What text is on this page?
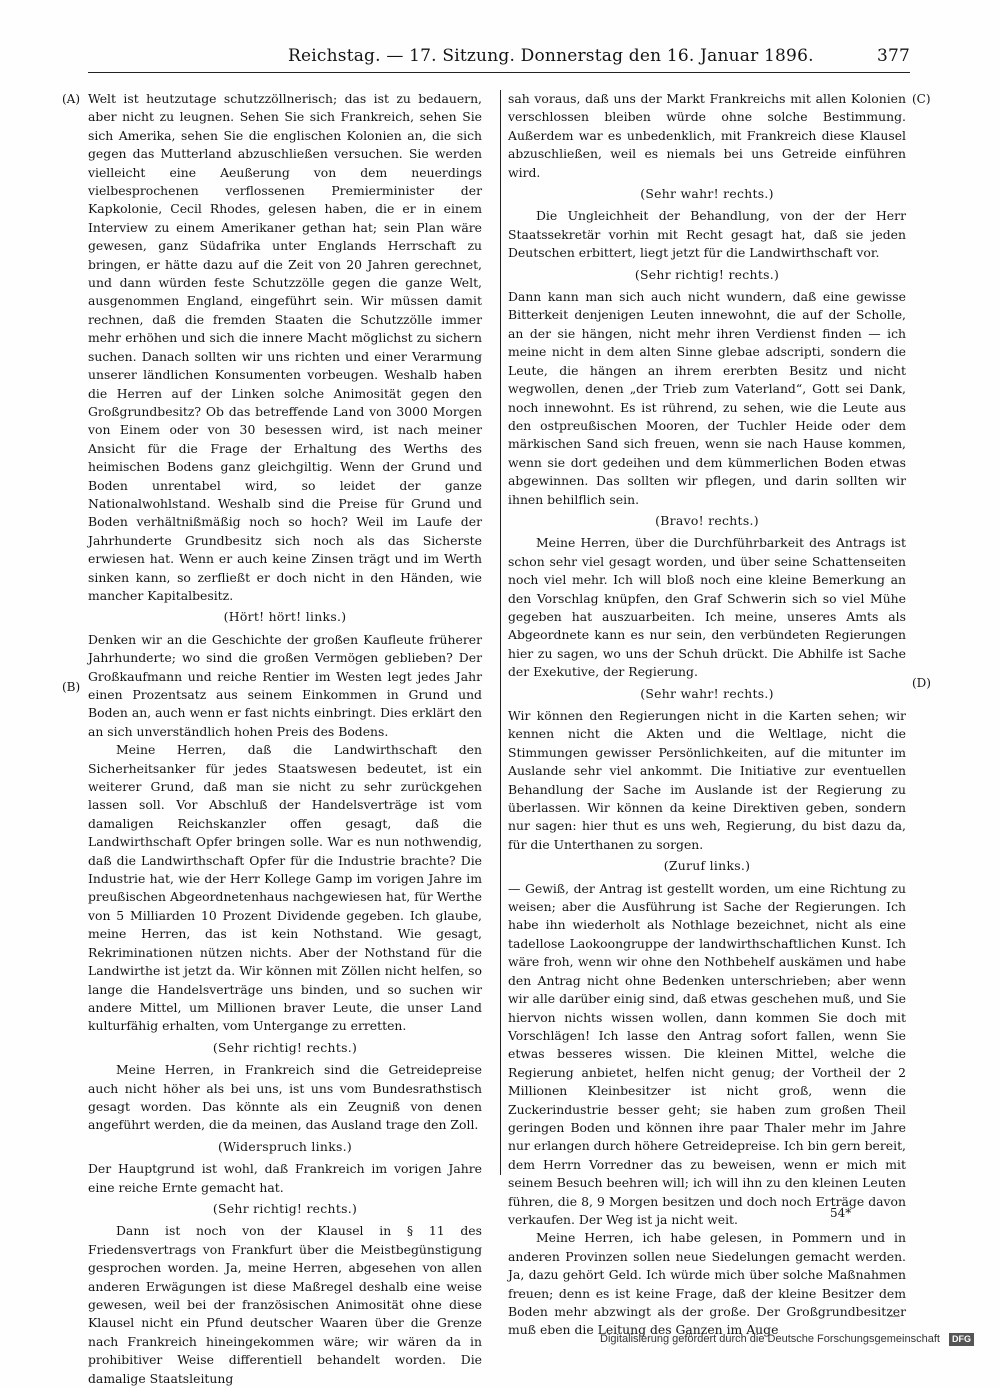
Reichstag. — 17. Sitzung. Donnerstag den 16. Januar 1896.	377
(A)
(B)
(C)
(D)

Welt ist heutzutage schutzzöllnerisch; das ist zu bedauern, aber nicht zu leugnen. Sehen Sie sich Frankreich, sehen Sie sich Amerika, sehen Sie die englischen Kolonien an, die sich gegen das Mutterland abzuschließen versuchen. Sie werden vielleicht eine Aeußerung von dem neuerdings vielbesprochenen verflossenen Premierminister der Kapkolonie, Cecil Rhodes, gelesen haben, die er in einem Interview zu einem Amerikaner gethan hat; sein Plan wäre gewesen, ganz Südafrika unter Englands Herrschaft zu bringen, er hätte dazu auf die Zeit von 20 Jahren gerechnet, und dann würden feste Schutzzölle gegen die ganze Welt, ausgenommen England, eingeführt sein. Wir müssen damit rechnen, daß die fremden Staaten die Schutzzölle immer mehr erhöhen und sich die innere Macht möglichst zu sichern suchen. Danach sollten wir uns richten und einer Verarmung unserer ländlichen Konsumenten vorbeugen. Weshalb haben die Herren auf der Linken solche Animosität gegen den Großgrundbesitz? Ob das betreffende Land von 3000 Morgen von Einem oder von 30 besessen wird, ist nach meiner Ansicht für die Frage der Erhaltung des Werths des heimischen Bodens ganz gleichgiltig. Wenn der Grund und Boden unrentabel wird, so leidet der ganze Nationalwohlstand. Weshalb sind die Preise für Grund und Boden verhältnißmäßig noch so hoch? Weil im Laufe der Jahrhunderte Grundbesitz sich noch als das Sicherste erwiesen hat. Wenn er auch keine Zinsen trägt und im Werth sinken kann, so zerfließt er doch nicht in den Händen, wie mancher Kapitalbesitz.

(Hört! hört! links.)

Denken wir an die Geschichte der großen Kaufleute früherer Jahrhunderte; wo sind die großen Vermögen geblieben? Der Großkaufmann und reiche Rentier im Westen legt jedes Jahr einen Prozentsatz aus seinem Einkommen in Grund und Boden an, auch wenn er fast nichts einbringt. Dies erklärt den an sich unverständlich hohen Preis des Bodens.

Meine Herren, daß die Landwirthschaft den Sicherheitsanker für jedes Staatswesen bedeutet, ist ein weiterer Grund, daß man sie nicht zu sehr zurückgehen lassen soll. Vor Abschluß der Handelsverträge ist vom damaligen Reichskanzler offen gesagt, daß die Landwirthschaft Opfer bringen solle. War es nun nothwendig, daß die Landwirthschaft Opfer für die Industrie brachte? Die Industrie hat, wie der Herr Kollege Gamp im vorigen Jahre im preußischen Abgeordnetenhaus nachgewiesen hat, für Werthe von 5 Milliarden 10 Prozent Dividende gegeben. Ich glaube, meine Herren, das ist kein Nothstand. Wie gesagt, Rekriminationen nützen nichts. Aber der Nothstand für die Landwirthe ist jetzt da. Wir können mit Zöllen nicht helfen, so lange die Handelsverträge uns binden, und so suchen wir andere Mittel, um Millionen braver Leute, die unser Land kulturfähig erhalten, vom Untergange zu erretten.

(Sehr richtig! rechts.)

Meine Herren, in Frankreich sind die Getreidepreise auch nicht höher als bei uns, ist uns vom Bundesrathstisch gesagt worden. Das könnte als ein Zeugniß von denen angeführt werden, die da meinen, das Ausland trage den Zoll.

(Widerspruch links.)

Der Hauptgrund ist wohl, daß Frankreich im vorigen Jahre eine reiche Ernte gemacht hat.

(Sehr richtig! rechts.)

Dann ist noch von der Klausel in § 11 des Friedensvertrags von Frankfurt über die Meistbegünstigung gesprochen worden. Ja, meine Herren, abgesehen von allen anderen Erwägungen ist diese Maßregel deshalb eine weise gewesen, weil bei der französischen Animosität ohne diese Klausel nicht ein Pfund deutscher Waaren über die Grenze nach Frankreich hineingekommen wäre; wir wären da in prohibitiver Weise differentiell behandelt worden. Die damalige Staatsleitung

sah voraus, daß uns der Markt Frankreichs mit allen Kolonien verschlossen bleiben würde ohne solche Bestimmung. Außerdem war es unbedenklich, mit Frankreich diese Klausel abzuschließen, weil es niemals bei uns Getreide einführen wird.

(Sehr wahr! rechts.)

Die Ungleichheit der Behandlung, von der der Herr Staatssekretär vorhin mit Recht gesagt hat, daß sie jeden Deutschen erbittert, liegt jetzt für die Landwirthschaft vor.

(Sehr richtig! rechts.)

Dann kann man sich auch nicht wundern, daß eine gewisse Bitterkeit denjenigen Leuten innewohnt, die auf der Scholle, an der sie hängen, nicht mehr ihren Verdienst finden — ich meine nicht in dem alten Sinne glebae adscripti, sondern die Leute, die hängen an ihrem ererbten Besitz und nicht wegwollen, denen „der Trieb zum Vaterland“, Gott sei Dank, noch innewohnt. Es ist rührend, zu sehen, wie die Leute aus den ostpreußischen Mooren, der Tuchler Heide oder dem märkischen Sand sich freuen, wenn sie nach Hause kommen, wenn sie dort gedeihen und dem kümmerlichen Boden etwas abgewinnen. Das sollten wir pflegen, und darin sollten wir ihnen behilflich sein.

(Bravo! rechts.)

Meine Herren, über die Durchführbarkeit des Antrags ist schon sehr viel gesagt worden, und über seine Schattenseiten noch viel mehr. Ich will bloß noch eine kleine Bemerkung an den Vorschlag knüpfen, den Graf Schwerin sich so viel Mühe gegeben hat auszuarbeiten. Ich meine, unseres Amts als Abgeordnete kann es nur sein, den verbündeten Regierungen hier zu sagen, wo uns der Schuh drückt. Die Abhilfe ist Sache der Exekutive, der Regierung.

(Sehr wahr! rechts.)

Wir können den Regierungen nicht in die Karten sehen; wir kennen nicht die Akten und die Weltlage, nicht die Stimmungen gewisser Persönlichkeiten, auf die mitunter im Auslande sehr viel ankommt. Die Initiative zur eventuellen Behandlung der Sache im Auslande ist der Regierung zu überlassen. Wir können da keine Direktiven geben, sondern nur sagen: hier thut es uns weh, Regierung, du bist dazu da, für die Unterthanen zu sorgen.

(Zuruf links.)

— Gewiß, der Antrag ist gestellt worden, um eine Richtung zu weisen; aber die Ausführung ist Sache der Regierungen. Ich habe ihn wiederholt als Nothlage bezeichnet, nicht als eine tadellose Laokoongruppe der landwirthschaftlichen Kunst. Ich wäre froh, wenn wir ohne den Nothbehelf auskämen und habe den Antrag nicht ohne Bedenken unterschrieben; aber wenn wir alle darüber einig sind, daß etwas geschehen muß, und Sie hiervon nichts wissen wollen, dann kommen Sie doch mit Vorschlägen! Ich lasse den Antrag sofort fallen, wenn Sie etwas besseres wissen. Die kleinen Mittel, welche die Regierung anbietet, helfen nicht genug; der Vortheil der 2 Millionen Kleinbesitzer ist nicht groß, wenn die Zuckerindustrie besser geht; sie haben zum großen Theil geringen Boden und können ihre paar Thaler mehr im Jahre nur erlangen durch höhere Getreidepreise. Ich bin gern bereit, dem Herrn Vorredner das zu beweisen, wenn er mich mit seinem Besuch beehren will; ich will ihn zu den kleinen Leuten führen, die 8, 9 Morgen besitzen und doch noch Erträge davon verkaufen. Der Weg ist ja nicht weit.

Meine Herren, ich habe gelesen, in Pommern und in anderen Provinzen sollen neue Siedelungen gemacht werden. Ja, dazu gehört Geld. Ich würde mich über solche Maßnahmen freuen; denn es ist keine Frage, daß der kleine Besitzer dem Boden mehr abzwingt als der große. Der Großgrundbesitzer muß eben die Leitung des Ganzen im Auge

54*
Digitalisierung gefördert durch die Deutsche Forschungsgemeinschaft DFG
